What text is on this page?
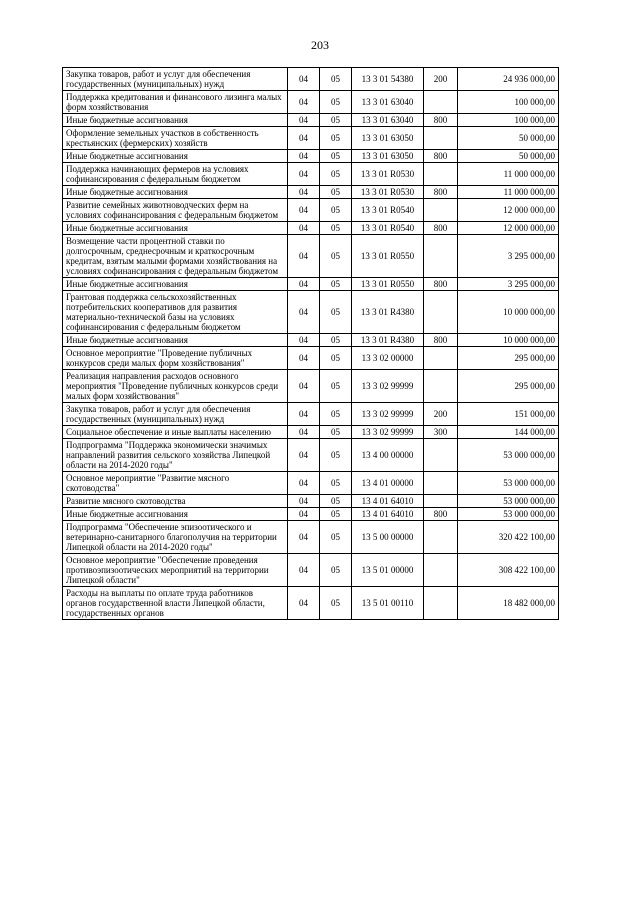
203
Закупка товаров, работ и услуг для обеспечения государственных (муниципальных) нужд	04	05	13 3 01 54380	200	24 936 000,00
Поддержка кредитования и финансового лизинга малых форм хозяйствования	04	05	13 3 01 63040		100 000,00
Иные бюджетные ассигнования	04	05	13 3 01 63040	800	100 000,00
Оформление земельных участков в собственность крестьянских (фермерских) хозяйств	04	05	13 3 01 63050		50 000,00
Иные бюджетные ассигнования	04	05	13 3 01 63050	800	50 000,00
Поддержка начинающих фермеров на условиях софинансирования с федеральным бюджетом	04	05	13 3 01 R0530		11 000 000,00
Иные бюджетные ассигнования	04	05	13 3 01 R0530	800	11 000 000,00
Развитие семейных животноводческих ферм на условиях софинансирования с федеральным бюджетом	04	05	13 3 01 R0540		12 000 000,00
Иные бюджетные ассигнования	04	05	13 3 01 R0540	800	12 000 000,00
Возмещение части процентной ставки по долгосрочным, среднесрочным и краткосрочным кредитам, взятым малыми формами хозяйствования на условиях софинансирования с федеральным бюджетом	04	05	13 3 01 R0550		3 295 000,00
Иные бюджетные ассигнования	04	05	13 3 01 R0550	800	3 295 000,00
Грантовая поддержка сельскохозяйственных потребительских кооперативов для развития материально-технической базы на условиях софинансирования с федеральным бюджетом	04	05	13 3 01 R4380		10 000 000,00
Иные бюджетные ассигнования	04	05	13 3 01 R4380	800	10 000 000,00
Основное мероприятие "Проведение публичных конкурсов среди малых форм хозяйствования"	04	05	13 3 02 00000		295 000,00
Реализация направления расходов основного мероприятия "Проведение публичных конкурсов среди малых форм хозяйствования"	04	05	13 3 02 99999		295 000,00
Закупка товаров, работ и услуг для обеспечения государственных (муниципальных) нужд	04	05	13 3 02 99999	200	151 000,00
Социальное обеспечение и иные выплаты населению	04	05	13 3 02 99999	300	144 000,00
Подпрограмма "Поддержка экономически значимых направлений развития сельского хозяйства Липецкой области на 2014-2020 годы"	04	05	13 4 00 00000		53 000 000,00
Основное мероприятие "Развитие мясного скотоводства"	04	05	13 4 01 00000		53 000 000,00
Развитие мясного скотоводства	04	05	13 4 01 64010		53 000 000,00
Иные бюджетные ассигнования	04	05	13 4 01 64010	800	53 000 000,00
Подпрограмма "Обеспечение эпизоотического и ветеринарно-санитарного благополучия на территории Липецкой области на 2014-2020 годы"	04	05	13 5 00 00000		320 422 100,00
Основное мероприятие "Обеспечение проведения противоэпизоотических мероприятий на территории Липецкой области"	04	05	13 5 01 00000		308 422 100,00
Расходы на выплаты по оплате труда работников органов государственной власти Липецкой области, государственных органов	04	05	13 5 01 00110		18 482 000,00
